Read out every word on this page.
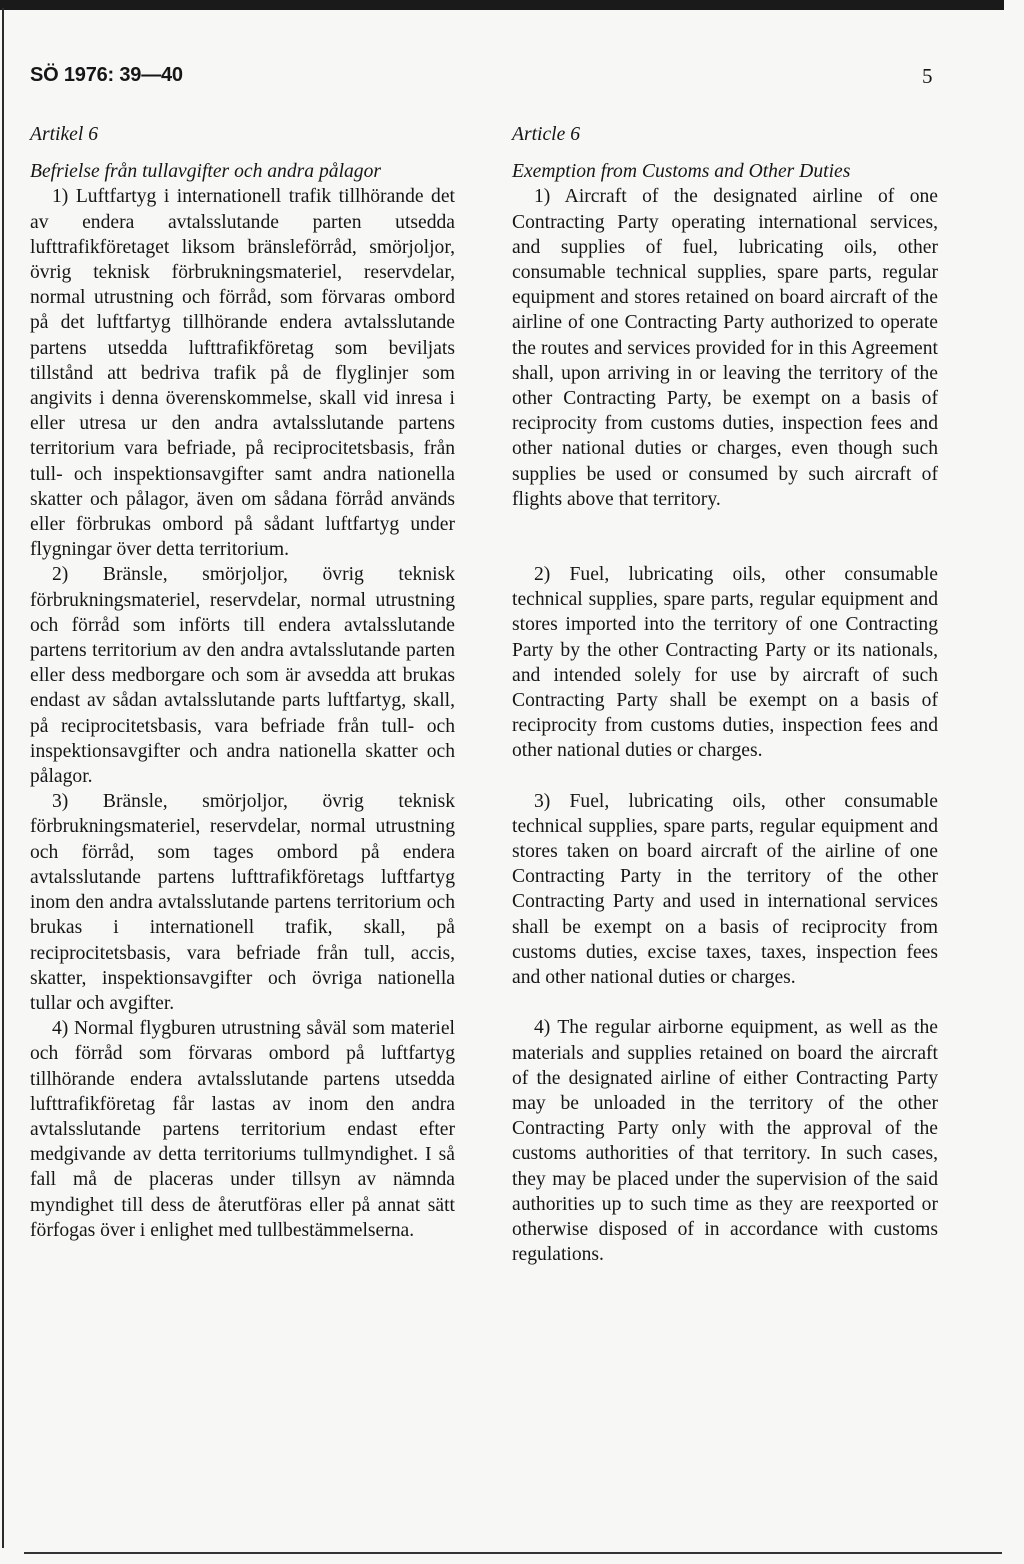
SÖ 1976: 39—40	5
Artikel 6
Befrielse från tullavgifter och andra pålagor

1) Luftfartyg i internationell trafik tillhörande det av endera avtalsslutande parten utsedda lufttrafikföretaget liksom bränsleförråd, smörjoljor, övrig teknisk förbrukningsmateriel, reservdelar, normal utrustning och förråd, som förvaras ombord på det luftfartyg tillhörande endera avtalsslutande partens utsedda lufttrafikföretag som beviljats tillstånd att bedriva trafik på de flyglinjer som angivits i denna överenskommelse, skall vid inresa i eller utresa ur den andra avtalsslutande partens territorium vara befriade, på reciprocitetsbasis, från tull- och inspektionsavgifter samt andra nationella skatter och pålagor, även om sådana förråd används eller förbrukas ombord på sådant luftfartyg under flygningar över detta territorium.

2) Bränsle, smörjoljor, övrig teknisk förbrukningsmateriel, reservdelar, normal utrustning och förråd som införts till endera avtalsslutande partens territorium av den andra avtalsslutande parten eller dess medborgare och som är avsedda att brukas endast av sådan avtalsslutande parts luftfartyg, skall, på reciprocitetsbasis, vara befriade från tull- och inspektionsavgifter och andra nationella skatter och pålagor.

3) Bränsle, smörjoljor, övrig teknisk förbrukningsmateriel, reservdelar, normal utrustning och förråd, som tages ombord på endera avtalsslutande partens lufttrafikföretags luftfartyg inom den andra avtalsslutande partens territorium och brukas i internationell trafik, skall, på reciprocitetsbasis, vara befriade från tull, accis, skatter, inspektionsavgifter och övriga nationella tullar och avgifter.

4) Normal flygburen utrustning såväl som materiel och förråd som förvaras ombord på luftfartyg tillhörande endera avtalsslutande partens utsedda lufttrafikföretag får lastas av inom den andra avtalsslutande partens territorium endast efter medgivande av detta territoriums tullmyndighet. I så fall må de placeras under tillsyn av nämnda myndighet till dess de återutföras eller på annat sätt förfogas över i enlighet med tullbestämmelserna.

Article 6
Exemption from Customs and Other Duties

1) Aircraft of the designated airline of one Contracting Party operating international services, and supplies of fuel, lubricating oils, other consumable technical supplies, spare parts, regular equipment and stores retained on board aircraft of the airline of one Contracting Party authorized to operate the routes and services provided for in this Agreement shall, upon arriving in or leaving the territory of the other Contracting Party, be exempt on a basis of reciprocity from customs duties, inspection fees and other national duties or charges, even though such supplies be used or consumed by such aircraft of flights above that territory.

2) Fuel, lubricating oils, other consumable technical supplies, spare parts, regular equipment and stores imported into the territory of one Contracting Party by the other Contracting Party or its nationals, and intended solely for use by aircraft of such Contracting Party shall be exempt on a basis of reciprocity from customs duties, inspection fees and other national duties or charges.

3) Fuel, lubricating oils, other consumable technical supplies, spare parts, regular equipment and stores taken on board aircraft of the airline of one Contracting Party in the territory of the other Contracting Party and used in international services shall be exempt on a basis of reciprocity from customs duties, excise taxes, taxes, inspection fees and other national duties or charges.

4) The regular airborne equipment, as well as the materials and supplies retained on board the aircraft of the designated airline of either Contracting Party may be unloaded in the territory of the other Contracting Party only with the approval of the customs authorities of that territory. In such cases, they may be placed under the supervision of the said authorities up to such time as they are reexported or otherwise disposed of in accordance with customs regulations.
